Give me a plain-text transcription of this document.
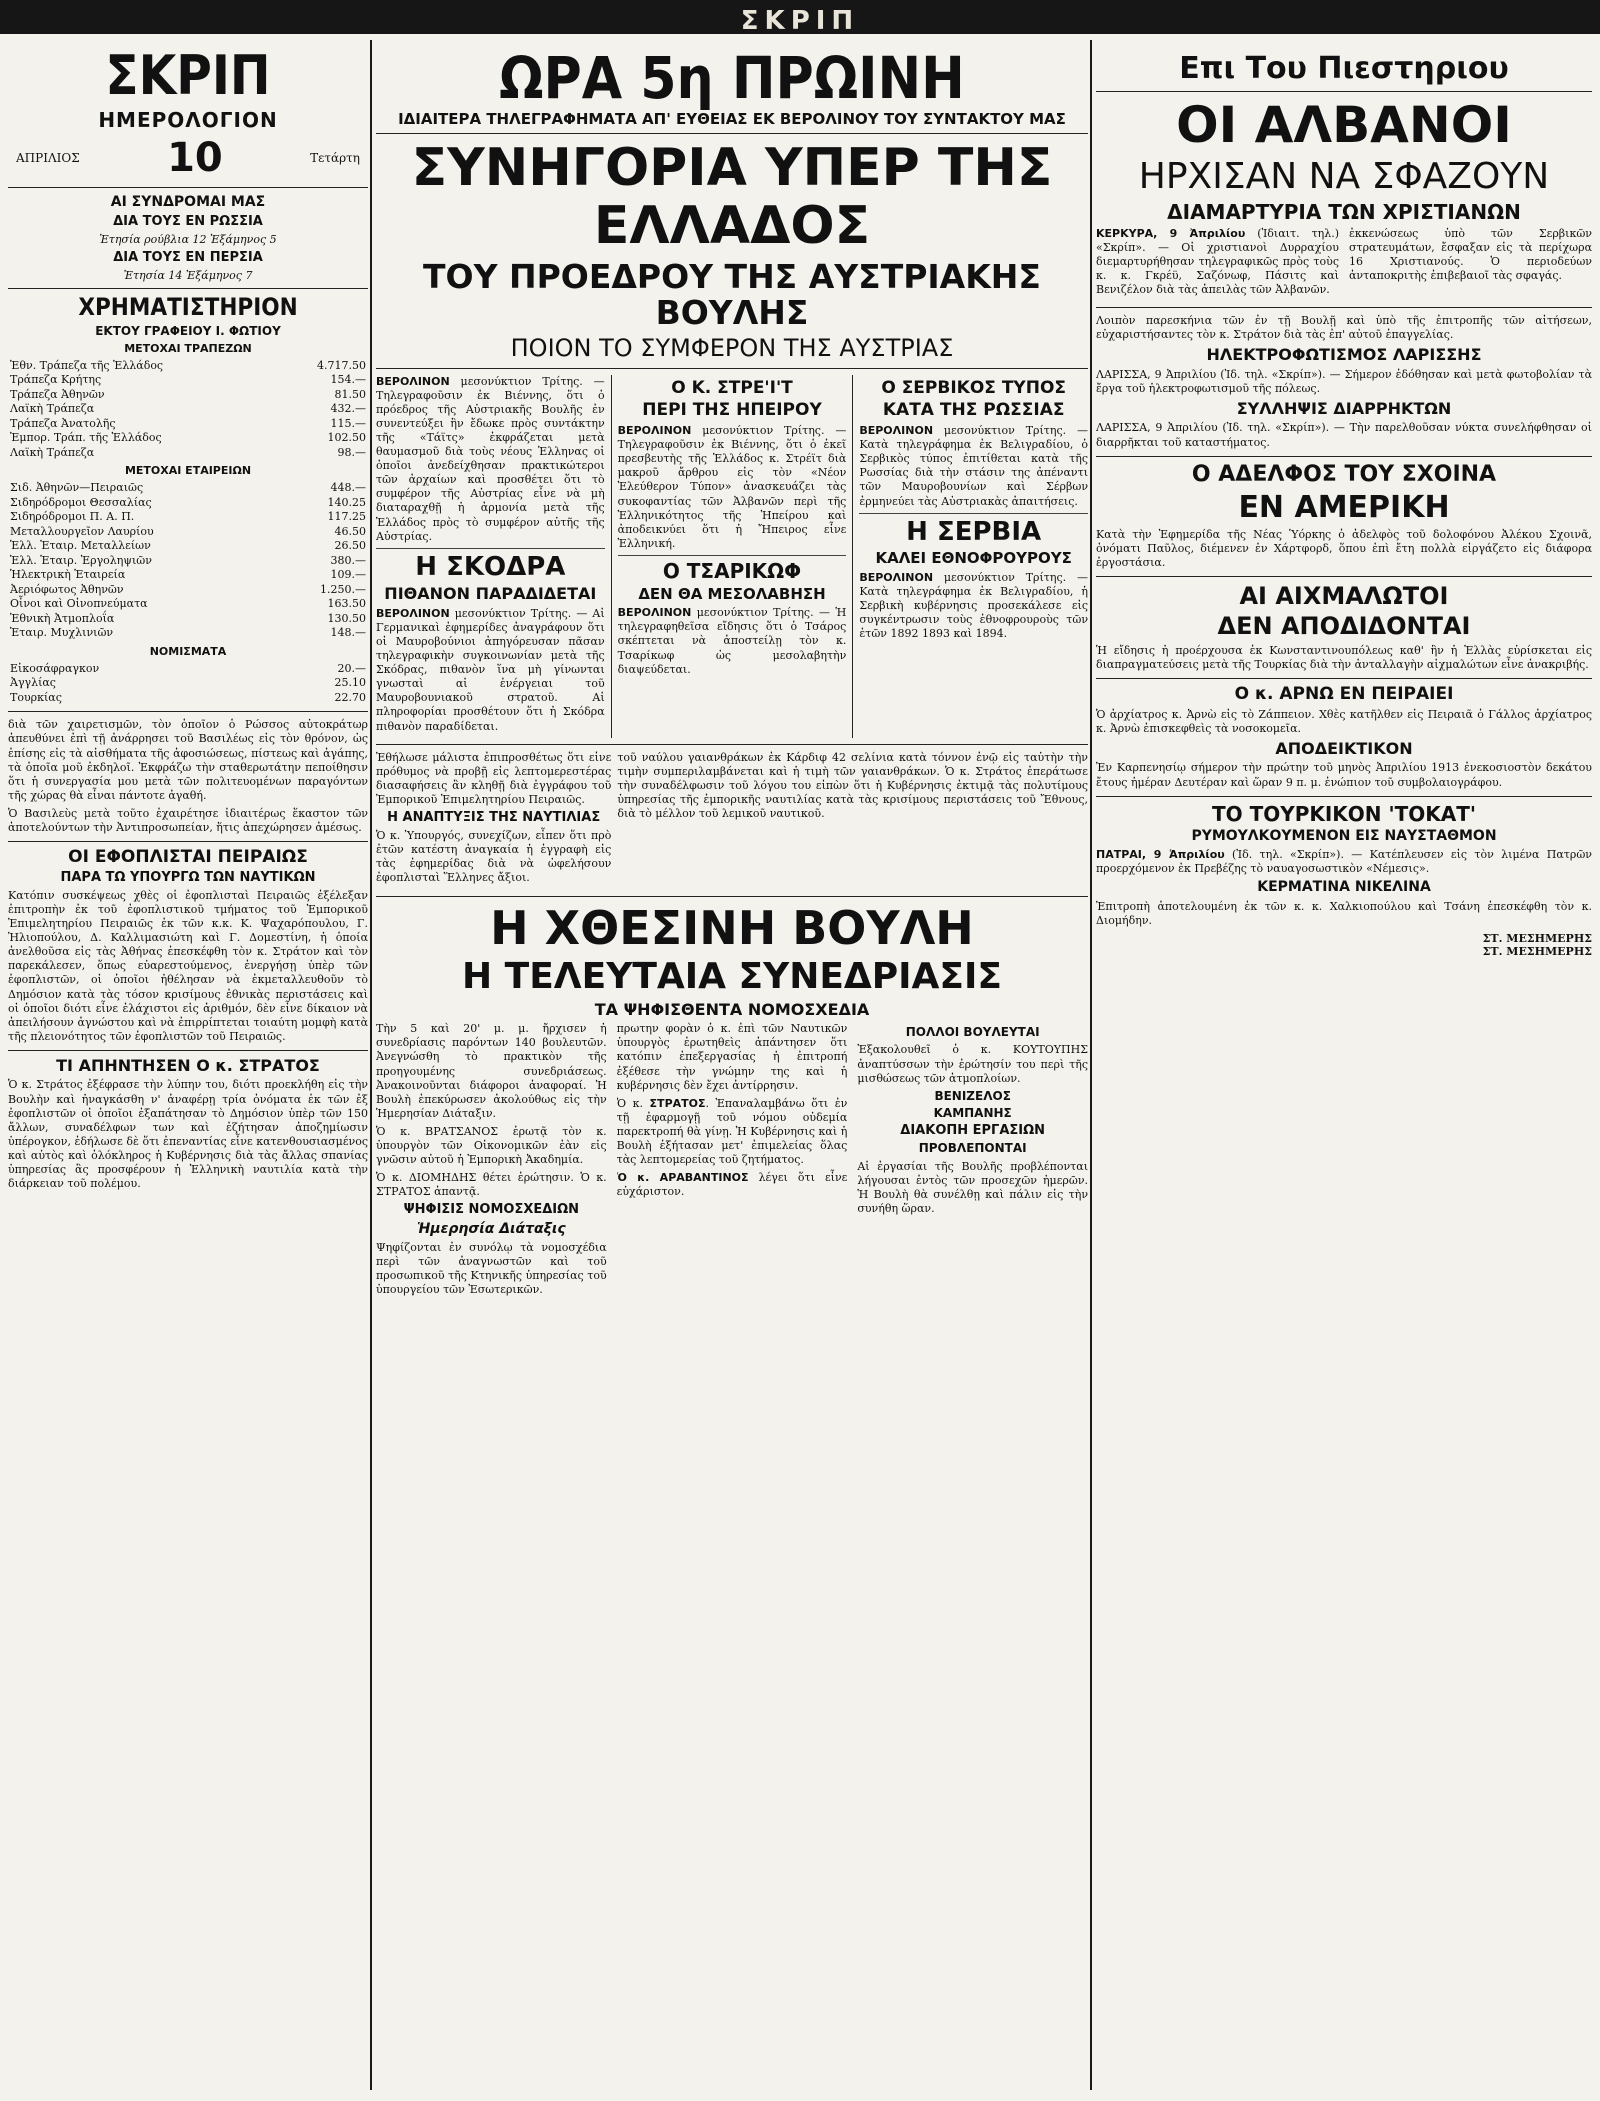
ΣΚΡΙΠ
ΣΚΡΙΠ
ΗΜΕΡΟΛΟΓΙΟΝ
ΑΠΡΙΛΙΟΣ 10	Τετάρτη
ΑΙ ΣΥΝΔΡΟΜΑΙ ΜΑΣ
ΔΙΑ ΤΟΥΣ ΕΝ ΡΩΣΣΙΑ
Ἐτησία ρούβλια 12 Ἐξάμηνος 5
ΔΙΑ ΤΟΥΣ ΕΝ ΠΕΡΣΙΑ
Ἐτησία 14 Ἐξάμηνος 7
ΧΡΗΜΑΤΙΣΤΗΡΙΟΝ
ΕΚΤΟΥ ΓΡΑΦΕΙΟΥ Ι. ΦΩΤΙΟΥ
ΜΕΤΟΧΑΙ ΤΡΑΠΕΖΩΝ
Ἐθν. Τράπεζα τῆς Ἑλλάδος	4.717.50
Τράπεζα Κρήτης	154.—
Τράπεζα Ἀθηνῶν	81.50
Λαϊκὴ Τράπεζα	432.—
Τράπεζα Ἀνατολῆς	115.—
Ἐμπορ. Τράπ. τῆς Ἑλλάδος	102.50
Λαϊκὴ Τράπεζα	98.—
ΜΕΤΟΧΑΙ ΕΤΑΙΡΕΙΩΝ
Σιδ. Ἀθηνῶν—Πειραιῶς	448.—
Σιδηρόδρομοι Θεσσαλίας	140.25
Σιδηρόδρομοι Π. Α. Π.	117.25
Μεταλλουργεῖον Λαυρίου	46.50
Ἑλλ. Ἑταιρ. Μεταλλείων	26.50
Ἑλλ. Ἑταιρ. Ἐργοληψιῶν	380.—
Ἡλεκτρικὴ Ἑταιρεία	109.—
Ἀεριόφωτος Ἀθηνῶν	1.250.—
Οἶνοι καὶ Οἰνοπνεύματα	163.50
Ἐθνικὴ Ἀτμοπλοΐα	130.50
Ἑταιρ. Μυχλινιῶν	148.—
ΝΟΜΙΣΜΑΤΑ
Εἰκοσάφραγκον	20.—
Ἀγγλίας	25.10
Τουρκίας	22.70

διὰ τῶν χαιρετισμῶν, τὸν ὁποῖον ὁ Ρώσσος αὐτοκράτωρ ἀπευθύνει ἐπὶ τῇ ἀνάρρησει τοῦ Βασιλέως εἰς τὸν θρόνον, ὡς ἐπίσης εἰς τὰ αἰσθήματα τῆς ἀφοσιώσεως, πίστεως καὶ ἀγάπης, τὰ ὁποῖα μοῦ ἐκδηλοῖ. Ἐκφράζω τὴν σταθερωτάτην πεποίθησιν ὅτι ἡ συνεργασία μου μετὰ τῶν πολιτευομένων παραγόντων τῆς χώρας θὰ εἶναι πάντοτε ἀγαθή.

Ὁ Βασιλεὺς μετὰ τοῦτο ἐχαιρέτησε ἰδιαιτέρως ἕκαστον τῶν ἀποτελούντων τὴν Ἀντιπροσωπείαν, ἥτις ἀπεχώρησεν ἀμέσως.

ΟΙ ΕΦΟΠΛΙΣΤΑΙ ΠΕΙΡΑΙΩΣ
ΠΑΡΑ ΤΩ ΥΠΟΥΡΓΩ ΤΩΝ ΝΑΥΤΙΚΩΝ

Κατόπιν συσκέψεως χθὲς οἱ ἐφοπλισταὶ Πειραιῶς ἐξέλεξαν ἐπιτροπὴν ἐκ τοῦ ἐφοπλιστικοῦ τμήματος τοῦ Ἐμπορικοῦ Ἐπιμελητηρίου Πειραιῶς ἐκ τῶν κ.κ. Κ. Ψαχαρόπουλου, Γ. Ἠλιοπούλου, Δ. Καλλιμασιώτη καὶ Γ. Δομεστίνη, ἡ ὁποία ἀνελθοῦσα εἰς τὰς Ἀθήνας ἐπεσκέφθη τὸν κ. Στράτον καὶ τὸν παρεκάλεσεν, ὅπως εὐαρεστούμενος, ἐνεργήσῃ ὑπὲρ τῶν ἐφοπλιστῶν, οἱ ὁποῖοι ἠθέλησαν νὰ ἐκμεταλλευθοῦν τὸ Δημόσιον κατὰ τὰς τόσον κρισίμους ἐθνικὰς περιστάσεις καὶ οἱ ὁποῖοι διότι εἶνε ἐλάχιστοι εἰς ἀριθμόν, δὲν εἶνε δίκαιον νὰ ἀπειλήσουν ἀγνώστου καὶ νὰ ἐπιρρίπτεται τοιαύτη μομφὴ κατὰ τῆς πλειονότητος τῶν ἐφοπλιστῶν τοῦ Πειραιῶς.

ΤΙ ΑΠΗΝΤΗΣΕΝ Ο κ. ΣΤΡΑΤΟΣ

Ὁ κ. Στράτος ἐξέφρασε τὴν λύπην του, διότι προεκλήθη εἰς τὴν Βουλὴν καὶ ἠναγκάσθη ν' ἀναφέρῃ τρία ὀνόματα ἐκ τῶν ἐξ ἐφοπλιστῶν οἱ ὁποῖοι ἐξαπάτησαν τὸ Δημόσιον ὑπὲρ τῶν 150 ἄλλων, συναδέλφων των καὶ ἐζήτησαν ἀποζημίωσιν ὑπέρογκον, ἐδήλωσε δὲ ὅτι ἐπεναντίας εἶνε κατενθουσιασμένος καὶ αὐτὸς καὶ ὁλόκληρος ἡ Κυβέρνησις διὰ τὰς ἄλλας σπανίας ὑπηρεσίας ἃς προσφέρουν ἡ Ἑλληνικὴ ναυτιλία κατὰ τὴν διάρκειαν τοῦ πολέμου.

ΩΡΑ 5η ΠΡΩΙΝΗ
ΙΔΙΑΙΤΕΡΑ ΤΗΛΕΓΡΑΦΗΜΑΤΑ ΑΠ' ΕΥΘΕΙΑΣ ΕΚ ΒΕΡΟΛΙΝΟΥ ΤΟΥ ΣΥΝΤΑΚΤΟΥ ΜΑΣ
ΣΥΝΗΓΟΡΙΑ ΥΠΕΡ ΤΗΣ ΕΛΛΑΔΟΣ
ΤΟΥ ΠΡΟΕΔΡΟΥ ΤΗΣ ΑΥΣΤΡΙΑΚΗΣ ΒΟΥΛΗΣ
ΠΟΙΟΝ ΤΟ ΣΥΜΦΕΡΟΝ ΤΗΣ ΑΥΣΤΡΙΑΣ

ΒΕΡΟΛΙΝΟΝ μεσονύκτιον Τρίτης. — Τηλεγραφοῦσιν ἐκ Βιέννης, ὅτι ὁ πρόεδρος τῆς Αὐστριακῆς Βουλῆς ἐν συνεντεύξει ἣν ἔδωκε πρὸς συντάκτην τῆς «Τάϊτς» ἐκφράζεται μετὰ θαυμασμοῦ διὰ τοὺς νέους Ἑλληνας οἱ ὁποῖοι ἀνεδείχθησαν πρακτικώτεροι τῶν ἀρχαίων καὶ προσθέτει ὅτι τὸ συμφέρον τῆς Αὐστρίας εἶνε νὰ μὴ διαταραχθῇ ἡ ἀρμονία μετὰ τῆς Ἑλλάδος πρὸς τὸ συμφέρον αὐτῆς τῆς Αὐστρίας.

Η ΣΚΟΔΡΑ
ΠΙΘΑΝΟΝ ΠΑΡΑΔΙΔΕΤΑΙ

ΒΕΡΟΛΙΝΟΝ μεσονύκτιον Τρίτης. — Αἱ Γερμανικαὶ ἐφημερίδες ἀναγράφουν ὅτι οἱ Μαυροβούνιοι ἀπηγόρευσαν πᾶσαν τηλεγραφικὴν συγκοινωνίαν μετὰ τῆς Σκόδρας, πιθανὸν ἵνα μὴ γίνωνται γνωσταὶ αἱ ἐνέργειαι τοῦ Μαυροβουνιακοῦ στρατοῦ. Αἱ πληροφορίαι προσθέτουν ὅτι ἡ Σκόδρα πιθανὸν παραδίδεται.

Ο Κ. ΣΤΡΕ'Ι'Τ
ΠΕΡΙ ΤΗΣ ΗΠΕΙΡΟΥ

ΒΕΡΟΛΙΝΟΝ μεσονύκτιον Τρίτης. — Τηλεγραφοῦσιν ἐκ Βιέννης, ὅτι ὁ ἐκεῖ πρεσβευτὴς τῆς Ἑλλάδος κ. Στρέϊτ διὰ μακροῦ ἄρθρου εἰς τὸν «Νέον Ἐλεύθερον Τύπον» ἀνασκευάζει τὰς συκοφαντίας τῶν Ἀλβανῶν περὶ τῆς Ἑλληνικότητος τῆς Ἠπείρου καὶ ἀποδεικνύει ὅτι ἡ Ἤπειρος εἶνε Ἑλληνική.

Ο ΤΣΑΡΙΚΩΦ
ΔΕΝ ΘΑ ΜΕΣΟΛΑΒΗΣΗ

ΒΕΡΟΛΙΝΟΝ μεσονύκτιον Τρίτης. — Ἡ τηλεγραφηθεῖσα εἴδησις ὅτι ὁ Τσάρος σκέπτεται νὰ ἀποστείλῃ τὸν κ. Τσαρίκωφ ὡς μεσολαβητὴν διαψεύδεται.

Ο ΣΕΡΒΙΚΟΣ ΤΥΠΟΣ
ΚΑΤΑ ΤΗΣ ΡΩΣΣΙΑΣ

ΒΕΡΟΛΙΝΟΝ μεσονύκτιον Τρίτης. — Κατὰ τηλεγράφημα ἐκ Βελιγραδίου, ὁ Σερβικὸς τύπος ἐπιτίθεται κατὰ τῆς Ρωσσίας διὰ τὴν στάσιν της ἀπέναντι τῶν Μαυροβουνίων καὶ Σέρβων ἐρμηνεύει τὰς Αὐστριακὰς ἀπαιτήσεις.

Η ΣΕΡΒΙΑ
ΚΑΛΕΙ ΕΘΝΟΦΡΟΥΡΟΥΣ

ΒΕΡΟΛΙΝΟΝ μεσονύκτιον Τρίτης. — Κατὰ τηλεγράφημα ἐκ Βελιγραδίου, ἡ Σερβικὴ κυβέρνησις προσεκάλεσε εἰς συγκέντρωσιν τοὺς ἐθνοφρουροὺς τῶν ἐτῶν 1892 1893 καὶ 1894.

Ἐθήλωσε μάλιστα ἐπιπροσθέτως ὅτι εἶνε πρόθυμος νὰ προβῇ εἰς λεπτομερεστέρας διασαφήσεις ἂν κληθῇ διὰ ἐγγράφου τοῦ Ἐμπορικοῦ Ἐπιμελητηρίου Πειραιῶς.

Η ΑΝΑΠΤΥΞΙΣ ΤΗΣ ΝΑΥΤΙΛΙΑΣ

Ὁ κ. Ὑπουργός, συνεχίζων, εἶπεν ὅτι πρὸ ἐτῶν κατέστη ἀναγκαία ἡ ἐγγραφὴ εἰς τὰς ἐφημερίδας διὰ νὰ ὠφελήσουν ἐφοπλισταὶ Ἕλληνες ἄξιοι.

τοῦ ναύλου γαιανθράκων ἐκ Κάρδιφ 42 σελίνια κατὰ τόννον ἐνῷ εἰς ταὐτὴν τὴν τιμὴν συμπεριλαμβάνεται καὶ ἡ τιμὴ τῶν γαιανθράκων. Ὁ κ. Στράτος ἐπεράτωσε τὴν συναδέλφωσιν τοῦ λόγου του εἰπὼν ὅτι ἡ Κυβέρνησις ἐκτιμᾷ τὰς πολυτίμους ὑπηρεσίας τῆς ἐμπορικῆς ναυτιλίας κατὰ τὰς κρισίμους περιστάσεις τοῦ Ἔθνους, διὰ τὸ μέλλον τοῦ λεμικοῦ ναυτικοῦ.

Η ΧΘΕΣΙΝΗ ΒΟΥΛΗ
Η ΤΕΛΕΥΤΑΙΑ ΣΥΝΕΔΡΙΑΣΙΣ
ΤΑ ΨΗΦΙΣΘΕΝΤΑ ΝΟΜΟΣΧΕΔΙΑ

Τὴν 5 καὶ 20' μ. μ. ἤρχισεν ἡ συνεδρίασις παρόντων 140 βουλευτῶν. Ἀνεγνώσθη τὸ πρακτικὸν τῆς προηγουμένης συνεδριάσεως. Ἀνακοινοῦνται διάφοροι ἀναφοραί. Ἡ Βουλὴ ἐπεκύρωσεν ἀκολούθως εἰς τὴν Ἡμερησίαν Διάταξιν.

Ὁ κ. ΒΡΑΤΣΑΝΟΣ ἐρωτᾷ τὸν κ. ὑπουργὸν τῶν Οἰκονομικῶν ἐὰν εἰς γνῶσιν αὐτοῦ ἡ Ἐμπορικὴ Ἀκαδημία.

Ὁ κ. ΔΙΟΜΗΔΗΣ θέτει ἐρώτησιν. Ὁ κ. ΣΤΡΑΤΟΣ ἀπαντᾷ.

ΨΗΦΙΣΙΣ ΝΟΜΟΣΧΕΔΙΩΝ
Ἡμερησία Διάταξις

Ψηφίζονται ἐν συνόλῳ τὰ νομοσχέδια περὶ τῶν ἀναγνωστῶν καὶ τοῦ προσωπικοῦ τῆς Κτηνικῆς ὑπηρεσίας τοῦ ὑπουργείου τῶν Ἐσωτερικῶν.

πρωτην φορὰν ὁ κ. ἐπὶ τῶν Ναυτικῶν ὑπουργὸς ἐρωτηθεὶς ἀπάντησεν ὅτι κατόπιν ἐπεξεργασίας ἡ ἐπιτροπή ἐξέθεσε τὴν γνώμην της καὶ ἡ κυβέρνησις δὲν ἔχει ἀντίρρησιν.

Ὁ κ. ΣΤΡΑΤΟΣ. Ἐπαναλαμβάνω ὅτι ἐν τῇ ἐφαρμογῇ τοῦ νόμου οὐδεμία παρεκτροπή θὰ γίνῃ. Ἡ Κυβέρνησις καὶ ἡ Βουλὴ ἐξήτασαν μετ' ἐπιμελείας ὅλας τὰς λεπτομερείας τοῦ ζητήματος.

Ὁ κ. ΑΡΑΒΑΝΤΙΝΟΣ λέγει ὅτι εἶνε εὐχάριστον.

ΠΟΛΛΟΙ ΒΟΥΛΕΥΤΑΙ

Ἐξακολουθεῖ ὁ κ. ΚΟΥΤΟΥΠΗΣ ἀναπτύσσων τὴν ἐρώτησίν του περὶ τῆς μισθώσεως τῶν ἀτμοπλοίων.

ΒΕΝΙΖΕΛΟΣ
ΚΑΜΠΑΝΗΣ
ΔΙΑΚΟΠΗ ΕΡΓΑΣΙΩΝ
ΠΡΟΒΛΕΠΟΝΤΑΙ

Αἱ ἐργασίαι τῆς Βουλῆς προβλέπονται λήγουσαι ἐντὸς τῶν προσεχῶν ἡμερῶν. Ἡ Βουλὴ θὰ συνέλθῃ καὶ πάλιν εἰς τὴν συνήθη ὥραν.

Επι Του Πιεστηριου
ΟΙ ΑΛΒΑΝΟΙ
ΗΡΧΙΣΑΝ ΝΑ ΣΦΑΖΟΥΝ
ΔΙΑΜΑΡΤΥΡΙΑ ΤΩΝ ΧΡΙΣΤΙΑΝΩΝ

ΚΕΡΚΥΡΑ, 9 Ἀπριλίου (Ἰδιαιτ. τηλ.) «Σκρίπ». — Οἱ χριστιανοὶ Δυρραχίου διεμαρτυρήθησαν τηλεγραφικῶς πρὸς τοὺς κ. κ. Γκρέϋ, Σαζόνωφ, Πάσιτς καὶ Βενιζέλον διὰ τὰς ἀπειλὰς τῶν Ἀλβανῶν.

ἐκκενώσεως ὑπὸ τῶν Σερβικῶν στρατευμάτων, ἔσφαξαν εἰς τὰ περίχωρα 16 Χριστιανούς. Ὁ περιοδεύων ἀνταποκριτὴς ἐπιβεβαιοῖ τὰς σφαγάς.

Λοιπὸν παρεσκήνια τῶν ἐν τῇ Βουλῇ καὶ ὑπὸ τῆς ἐπιτροπῆς τῶν αἰτήσεων, εὐχαριστήσαντες τὸν κ. Στράτον διὰ τὰς ἐπ' αὐτοῦ ἐπαγγελίας.

ΗΛΕΚΤΡΟΦΩΤΙΣΜΟΣ ΛΑΡΙΣΣΗΣ

ΛΑΡΙΣΣΑ, 9 Ἀπριλίου (Ἰδ. τηλ. «Σκρίπ»). — Σήμερον ἐδόθησαν καὶ μετὰ φωτοβολίαν τὰ ἔργα τοῦ ἡλεκτροφωτισμοῦ τῆς πόλεως.

ΣΥΛΛΗΨΙΣ ΔΙΑΡΡΗΚΤΩΝ

ΛΑΡΙΣΣΑ, 9 Ἀπριλίου (Ἰδ. τηλ. «Σκρίπ»). — Τὴν παρελθοῦσαν νύκτα συνελήφθησαν οἱ διαρρῆκται τοῦ καταστήματος.

Ο ΑΔΕΛΦΟΣ ΤΟΥ ΣΧΟΙΝΑ
ΕΝ ΑΜΕΡΙΚΗ

Κατὰ τὴν Ἐφημερίδα τῆς Νέας Ὑόρκης ὁ ἀδελφὸς τοῦ δολοφόνου Ἀλέκου Σχοινᾶ, ὀνόματι Παῦλος, διέμενεν ἐν Χάρτφορδ, ὅπου ἐπὶ ἔτη πολλὰ εἰργάζετο εἰς διάφορα ἐργοστάσια.

ΑΙ ΑΙΧΜΑΛΩΤΟΙ
ΔΕΝ ΑΠΟΔΙΔΟΝΤΑΙ

Ἡ εἴδησις ἡ προέρχουσα ἐκ Κωνσταντινουπόλεως καθ' ἣν ἡ Ἑλλὰς εὑρίσκεται εἰς διαπραγματεύσεις μετὰ τῆς Τουρκίας διὰ τὴν ἀνταλλαγὴν αἰχμαλώτων εἶνε ἀνακριβής.

Ο κ. ΑΡΝΩ ΕΝ ΠΕΙΡΑΙΕΙ

Ὁ ἀρχίατρος κ. Ἀρνὼ εἰς τὸ Ζάππειον. Χθὲς κατῆλθεν εἰς Πειραιᾶ ὁ Γάλλος ἀρχίατρος κ. Ἀρνὼ ἐπισκεφθεὶς τὰ νοσοκομεῖα.

ΑΠΟΔΕΙΚΤΙΚΟΝ

Ἐν Καρπενησίῳ σήμερον τὴν πρώτην τοῦ μηνὸς Ἀπριλίου 1913 ἐνεκοσιοστὸν δεκάτου ἔτους ἡμέραν Δευτέραν καὶ ὥραν 9 π. μ. ἐνώπιον τοῦ συμβολαιογράφου.

ΤΟ ΤΟΥΡΚΙΚΟΝ 'ΤΟΚΑΤ'
ΡΥΜΟΥΛΚΟΥΜΕΝΟΝ ΕΙΣ ΝΑΥΣΤΑΘΜΟΝ

ΠΑΤΡΑΙ, 9 Ἀπριλίου (Ἰδ. τηλ. «Σκρίπ»). — Κατέπλευσεν εἰς τὸν λιμένα Πατρῶν προερχόμενον ἐκ Πρεβέζης τὸ ναυαγοσωστικὸν «Νέμεσις».

ΚΕΡΜΑΤΙΝΑ ΝΙΚΕΛΙΝΑ

Ἐπιτροπὴ ἀποτελουμένη ἐκ τῶν κ. κ. Χαλκιοπούλου καὶ Τσάνη ἐπεσκέφθη τὸν κ. Διομήδην.

ΣΤ. ΜΕΣΗΜΕΡΗΣ
ΣΤ. ΜΕΣΗΜΕΡΗΣ
